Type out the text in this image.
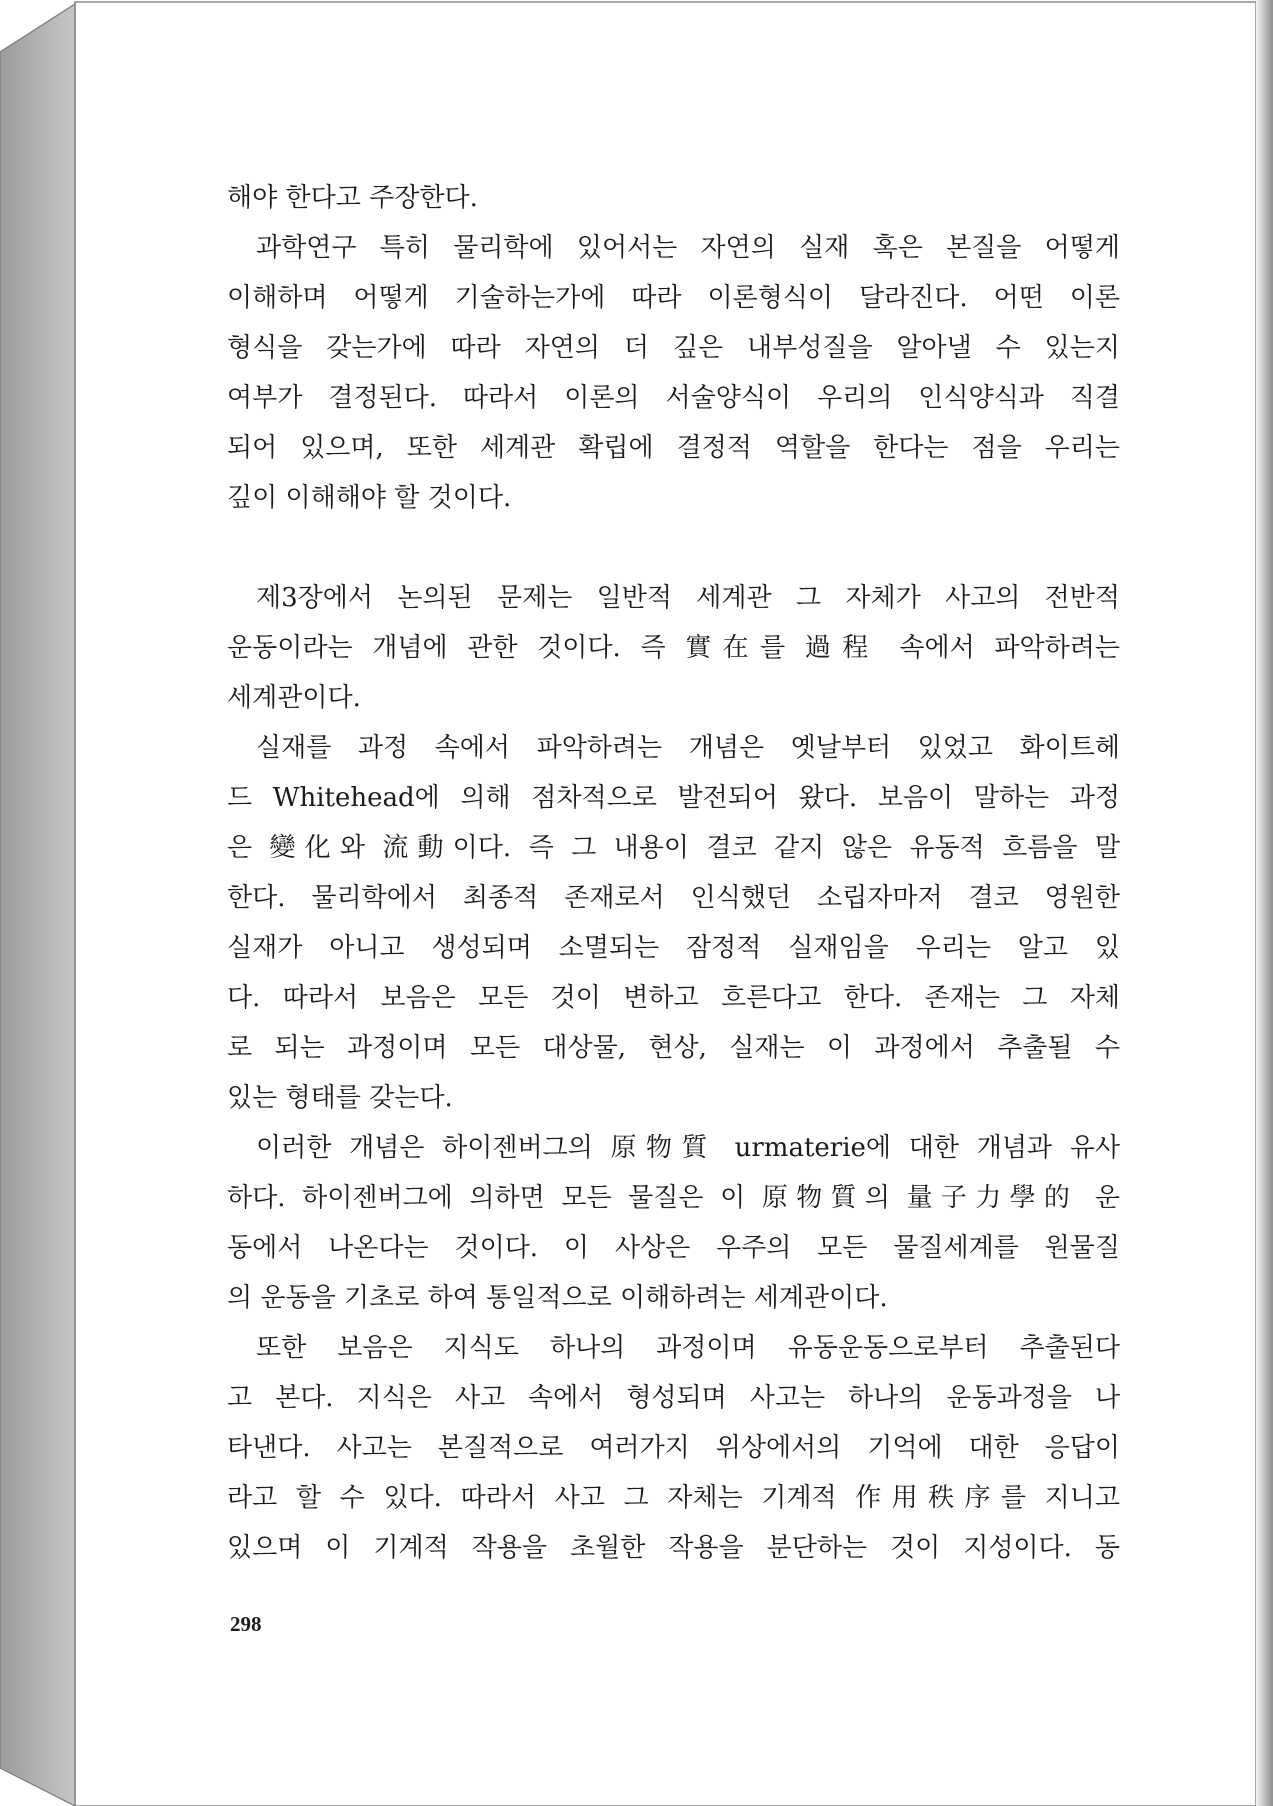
해야 한다고 주장한다.
과학연구 특히 물리학에 있어서는 자연의 실재 혹은 본질을 어떻게
이해하며 어떻게 기술하는가에 따라 이론형식이 달라진다. 어떤 이론
형식을 갖는가에 따라 자연의 더 깊은 내부성질을 알아낼 수 있는지
여부가 결정된다. 따라서 이론의 서술양식이 우리의 인식양식과 직결
되어 있으며, 또한 세계관 확립에 결정적 역할을 한다는 점을 우리는
깊이 이해해야 할 것이다.
제3장에서 논의된 문제는 일반적 세계관 그 자체가 사고의 전반적
운동이라는 개념에 관한 것이다. 즉 實在를 過程 속에서 파악하려는
세계관이다.
실재를 과정 속에서 파악하려는 개념은 옛날부터 있었고 화이트헤
드 Whitehead에 의해 점차적으로 발전되어 왔다. 보음이 말하는 과정
은 變化와 流動이다. 즉 그 내용이 결코 같지 않은 유동적 흐름을 말
한다. 물리학에서 최종적 존재로서 인식했던 소립자마저 결코 영원한
실재가 아니고 생성되며 소멸되는 잠정적 실재임을 우리는 알고 있
다. 따라서 보음은 모든 것이 변하고 흐른다고 한다. 존재는 그 자체
로 되는 과정이며 모든 대상물, 현상, 실재는 이 과정에서 추출될 수
있는 형태를 갖는다.
이러한 개념은 하이젠버그의 原物質 urmaterie에 대한 개념과 유사
하다. 하이젠버그에 의하면 모든 물질은 이 原物質의 量子力學的 운
동에서 나온다는 것이다. 이 사상은 우주의 모든 물질세계를 원물질
의 운동을 기초로 하여 통일적으로 이해하려는 세계관이다.
또한 보음은 지식도 하나의 과정이며 유동운동으로부터 추출된다
고 본다. 지식은 사고 속에서 형성되며 사고는 하나의 운동과정을 나
타낸다. 사고는 본질적으로 여러가지 위상에서의 기억에 대한 응답이
라고 할 수 있다. 따라서 사고 그 자체는 기계적 作用秩序를 지니고
있으며 이 기계적 작용을 초월한 작용을 분단하는 것이 지성이다. 동
298
